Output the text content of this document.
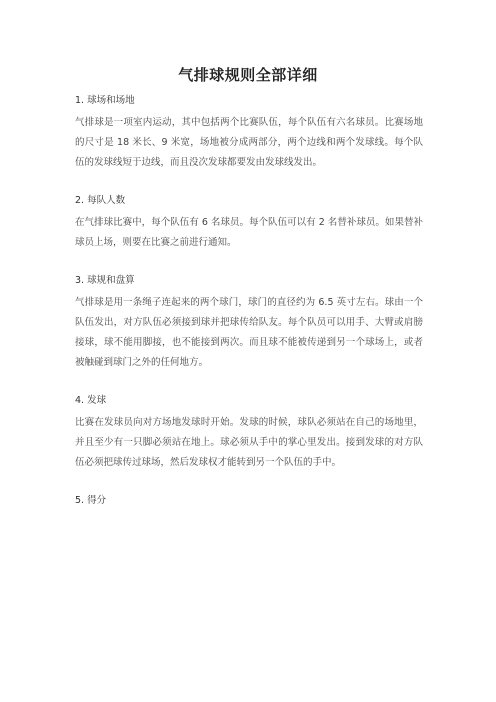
气排球规则全部详细

1. 球场和场地

气排球是一项室内运动，其中包括两个比赛队伍，每个队伍有六名球员。比赛场地的尺寸是 18 米长、9 米宽，场地被分成两部分，两个边线和两个发球线。每个队伍的发球线短于边线，而且没次发球都要发由发球线发出。

2. 每队人数

在气排球比赛中，每个队伍有 6 名球员。每个队伍可以有 2 名替补球员。如果替补球员上场，则要在比赛之前进行通知。

3. 球规和盘算

气排球是用一条绳子连起来的两个球门，球门的直径约为 6.5 英寸左右。球由一个队伍发出，对方队伍必须接到球并把球传给队友。每个队员可以用手、大臂或肩膀接球，球不能用脚接，也不能接到两次。而且球不能被传递到另一个球场上，或者被触碰到球门之外的任何地方。

4. 发球

比赛在发球员向对方场地发球时开始。发球的时候，球队必须站在自己的场地里，并且至少有一只脚必须站在地上。球必须从手中的掌心里发出。接到发球的对方队伍必须把球传过球场，然后发球权才能转到另一个队伍的手中。

5. 得分
